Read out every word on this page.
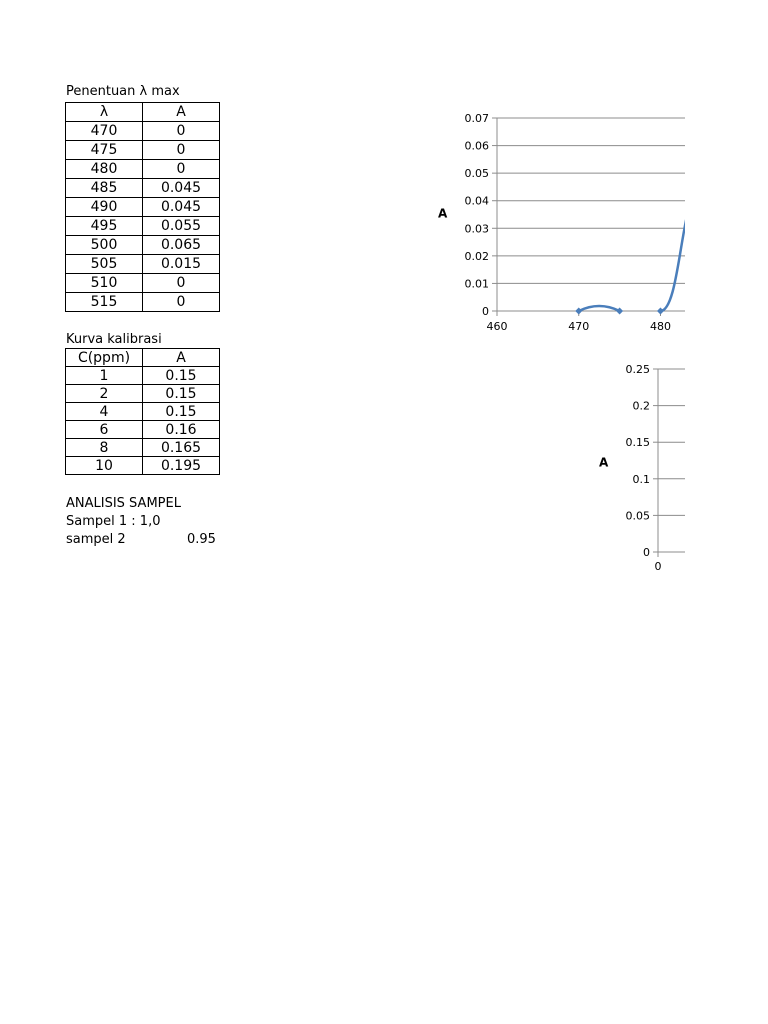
Penentuan λ max
λ	A
470	0
475	0
480	0
485	0.045
490	0.045
495	0.055
500	0.065
505	0.015
510	0
515	0
Kurva kalibrasi
C(ppm)	A
1	0.15
2	0.15
4	0.15
6	0.16
8	0.165
10	0.195
ANALISIS SAMPEL
Sampel 1 : 1,0
sampel 2	0.95
0
0.01
0.02
0.03
0.04
0.05
0.06
0.07
460	470	480
A
0
0.05
0.1
0.15
0.2
0.25
0
A
